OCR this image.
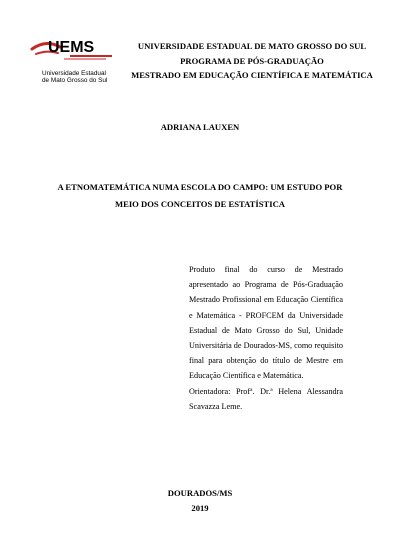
UEMS
Universidade Estadual
de Mato Grosso do Sul
UNIVERSIDADE ESTADUAL DE MATO GROSSO DO SUL
PROGRAMA DE PÓS-GRADUAÇÃO
MESTRADO EM EDUCAÇÃO CIENTÍFICA E MATEMÁTICA
ADRIANA LAUXEN
A ETNOMATEMÁTICA NUMA ESCOLA DO CAMPO: UM ESTUDO POR
MEIO DOS CONCEITOS DE ESTATÍSTICA
Produto final do curso de Mestrado apresentado ao Programa de Pós-Graduação Mestrado Profissional em Educação Científica e Matemática - PROFCEM da Universidade Estadual de Mato Grosso do Sul, Unidade Universitária de Dourados-MS, como requisito final para obtenção do título de Mestre em Educação Científica e Matemática.
Orientadora: Profª. Dr.ª Helena Alessandra Scavazza Leme.
DOURADOS/MS
2019
